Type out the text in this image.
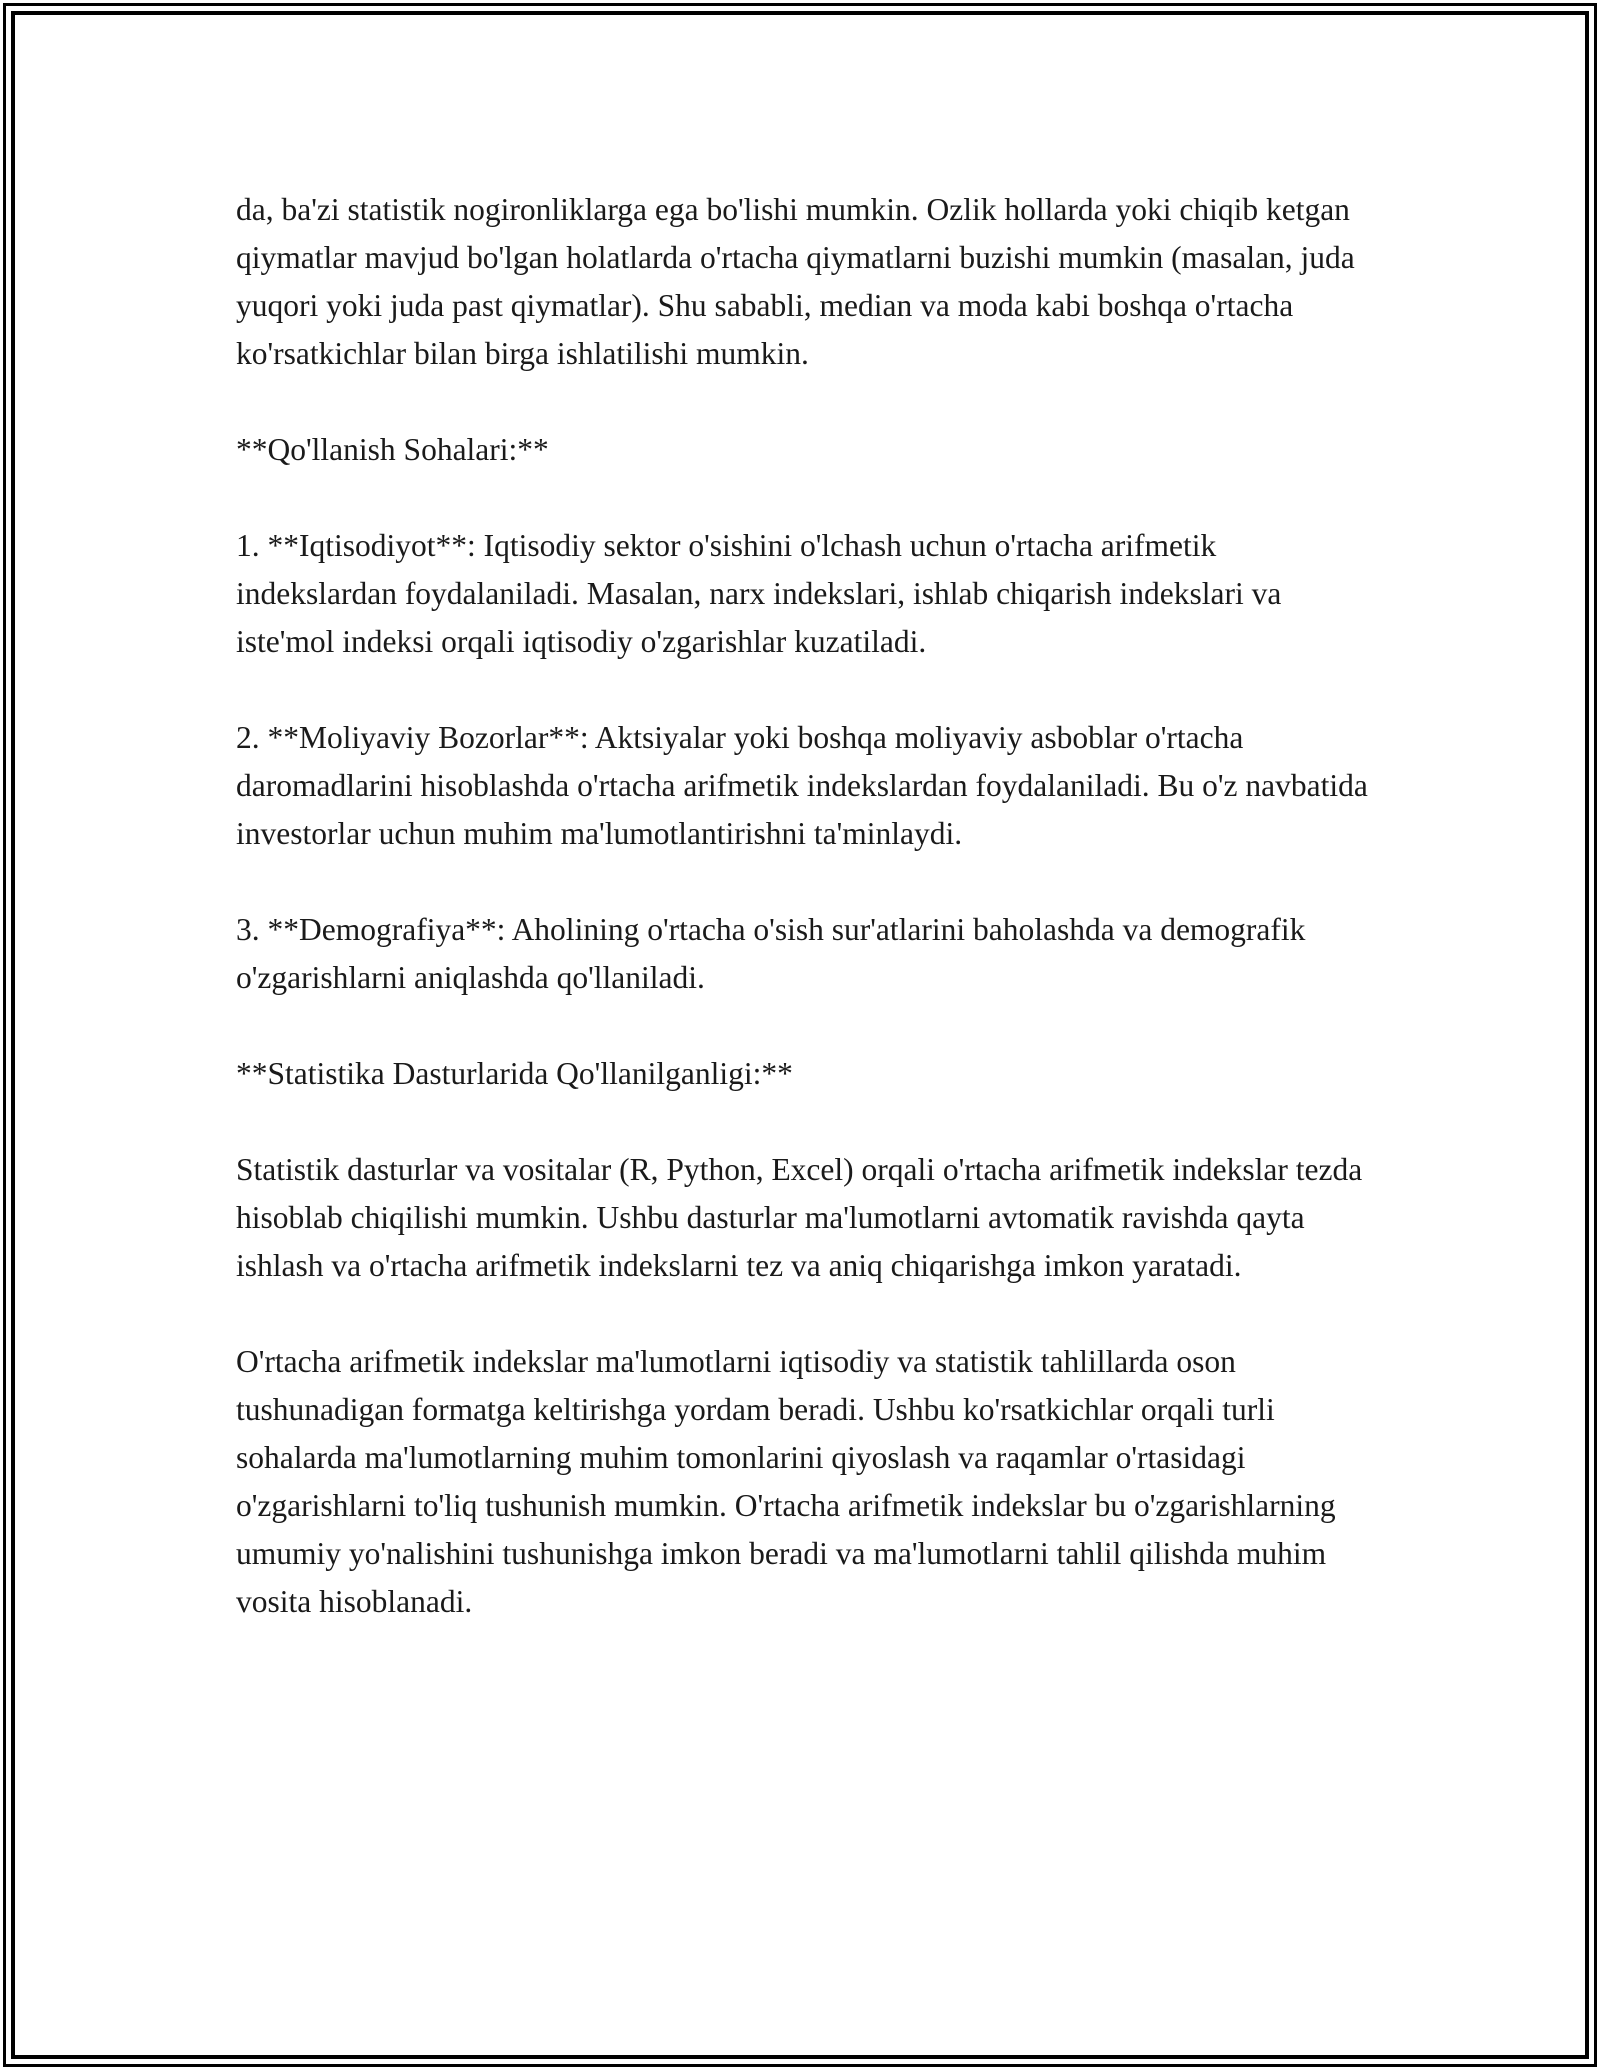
da, ba'zi statistik nogironliklarga ega bo'lishi mumkin. Ozlik hollarda yoki chiqib ketgan qiymatlar mavjud bo'lgan holatlarda o'rtacha qiymatlarni buzishi mumkin (masalan, juda yuqori yoki juda past qiymatlar). Shu sababli, median va moda kabi boshqa o'rtacha ko'rsatkichlar bilan birga ishlatilishi mumkin.

**Qo'llanish Sohalari:**

1. **Iqtisodiyot**: Iqtisodiy sektor o'sishini o'lchash uchun o'rtacha arifmetik indekslardan foydalaniladi. Masalan, narx indekslari, ishlab chiqarish indekslari va iste'mol indeksi orqali iqtisodiy o'zgarishlar kuzatiladi.

2. **Moliyaviy Bozorlar**: Aktsiyalar yoki boshqa moliyaviy asboblar o'rtacha daromadlarini hisoblashda o'rtacha arifmetik indekslardan foydalaniladi. Bu o'z navbatida investorlar uchun muhim ma'lumotlantirishni ta'minlaydi.

3. **Demografiya**: Aholining o'rtacha o'sish sur'atlarini baholashda va demografik o'zgarishlarni aniqlashda qo'llaniladi.

**Statistika Dasturlarida Qo'llanilganligi:**

Statistik dasturlar va vositalar (R, Python, Excel) orqali o'rtacha arifmetik indekslar tezda hisoblab chiqilishi mumkin. Ushbu dasturlar ma'lumotlarni avtomatik ravishda qayta ishlash va o'rtacha arifmetik indekslarni tez va aniq chiqarishga imkon yaratadi.

O'rtacha arifmetik indekslar ma'lumotlarni iqtisodiy va statistik tahlillarda oson tushunadigan formatga keltirishga yordam beradi. Ushbu ko'rsatkichlar orqali turli sohalarda ma'lumotlarning muhim tomonlarini qiyoslash va raqamlar o'rtasidagi o'zgarishlarni to'liq tushunish mumkin. O'rtacha arifmetik indekslar bu o'zgarishlarning umumiy yo'nalishini tushunishga imkon beradi va ma'lumotlarni tahlil qilishda muhim vosita hisoblanadi.
